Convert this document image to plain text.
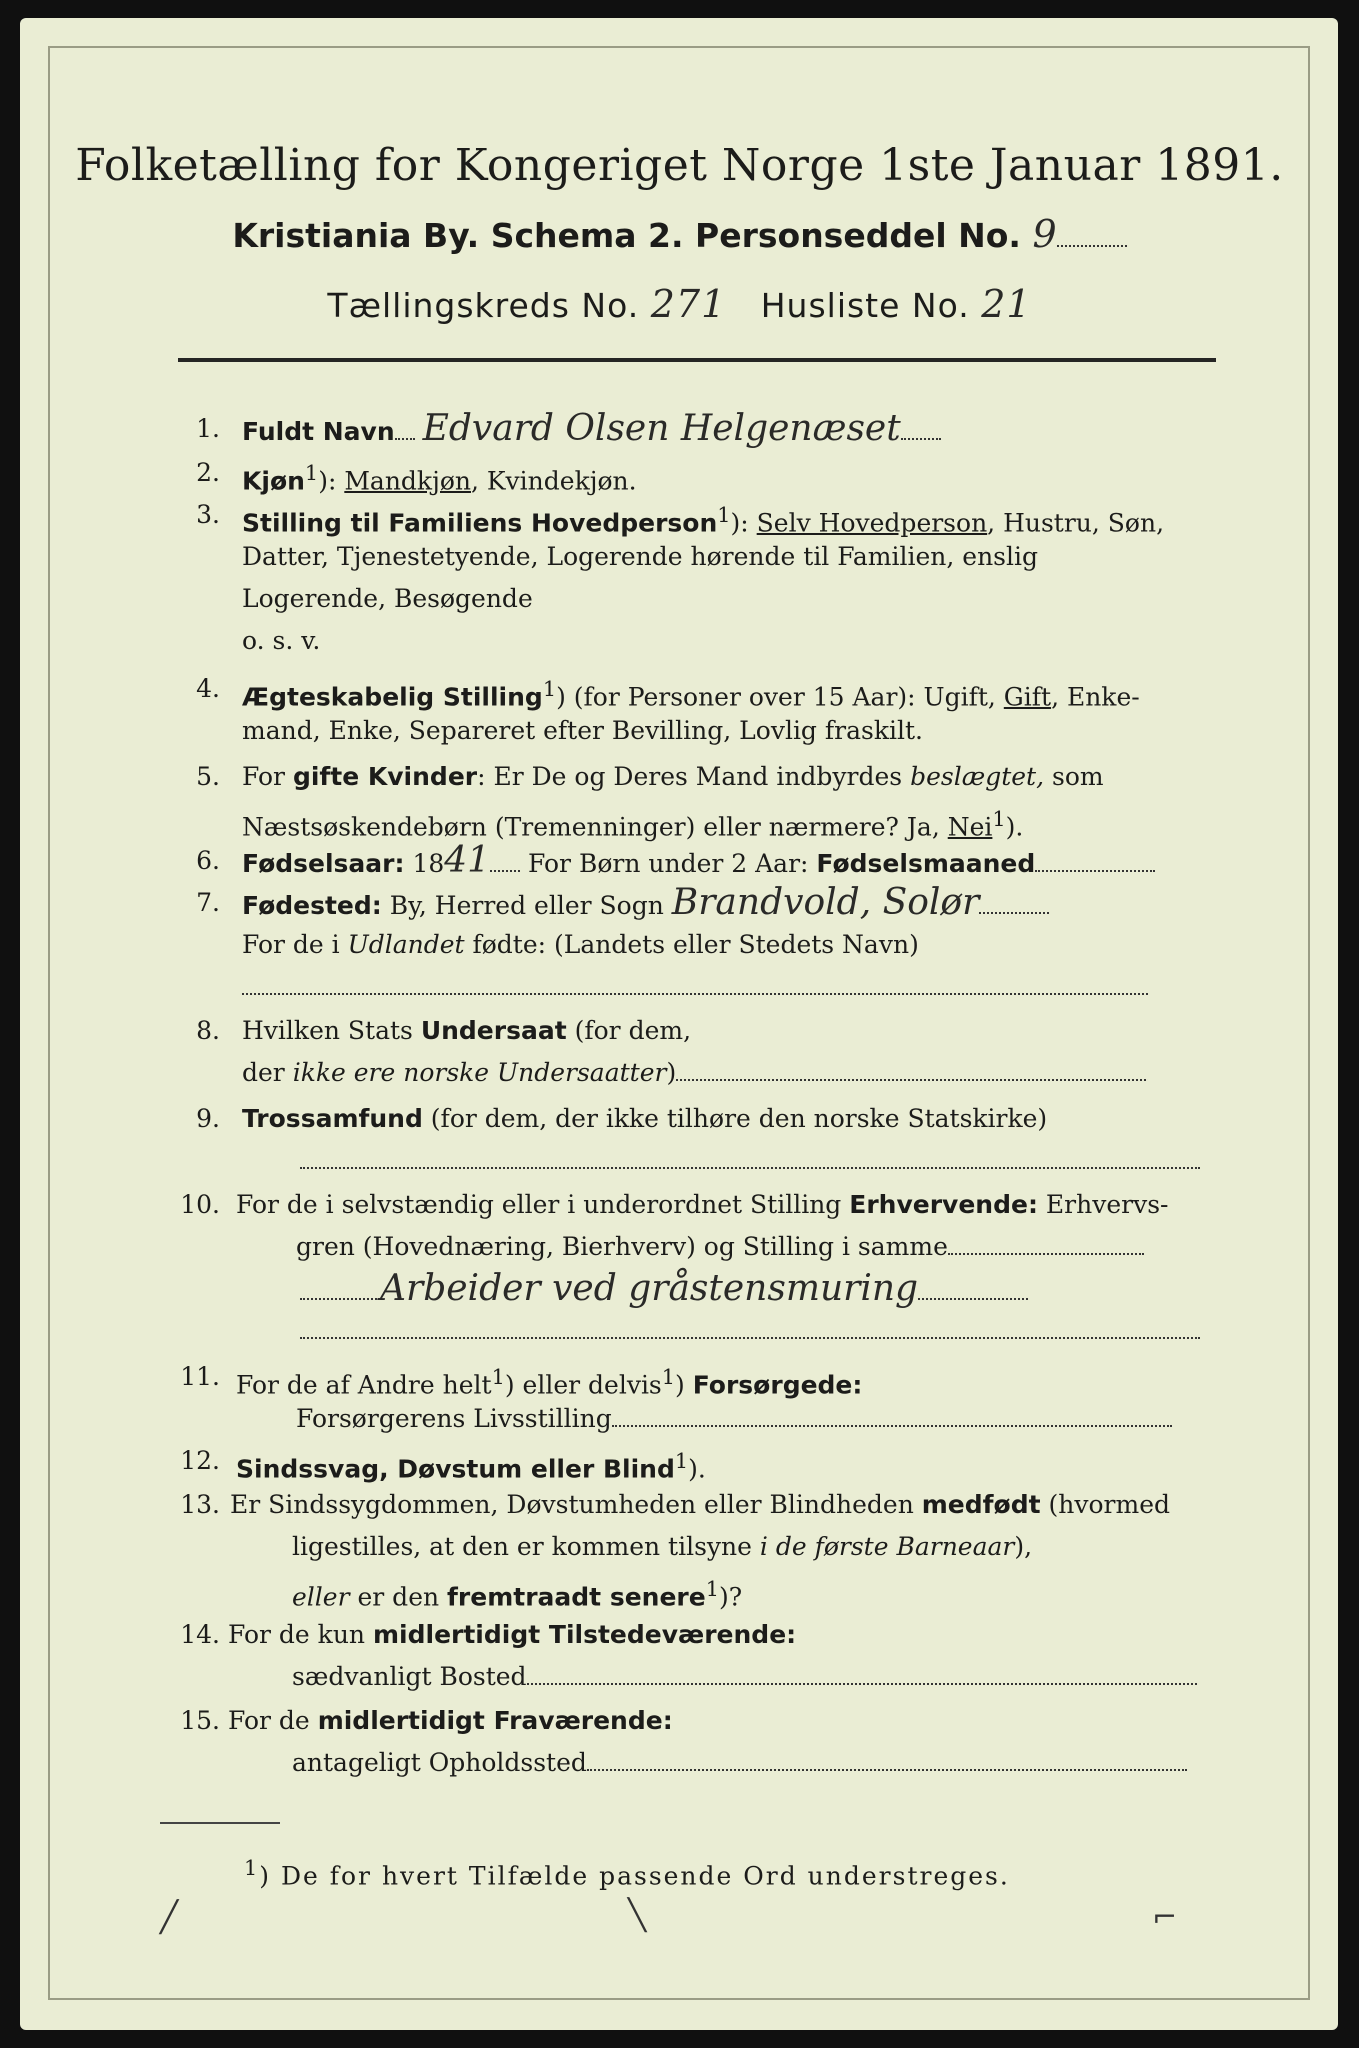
Folketælling for Kongeriget Norge 1ste Januar 1891.
Kristiania By. Schema 2. Personseddel No. 9
Tællingskreds No. 271 Husliste No. 21
1. Fuldt Navn Edvard Olsen Helgenæset
2. Kjøn$^1$): Mandkjøn, Kvindekjøn.
3. Stilling til Familiens Hovedperson$^1$): Selv Hovedperson, Hustru, Søn,
Datter, Tjenestetyende, Logerende hørende til Familien, enslig
Logerende, Besøgende
o. s. v.
4. Ægteskabelig Stilling$^1$) (for Personer over 15 Aar): Ugift, Gift, Enke-
mand, Enke, Separeret efter Bevilling, Lovlig fraskilt.
5. For gifte Kvinder: Er De og Deres Mand indbyrdes beslægtet, som
Næstsøskendebørn (Tremenninger) eller nærmere? Ja, Nei$^1$).
6. Fødselsaar: 1841 For Børn under 2 Aar: Fødselsmaaned
7. Fødested: By, Herred eller Sogn Brandvold, Solør
For de i Udlandet fødte: (Landets eller Stedets Navn)
8. Hvilken Stats Undersaat (for dem,
der ikke ere norske Undersaatter)
9. Trossamfund (for dem, der ikke tilhøre den norske Statskirke)
10. For de i selvstændig eller i underordnet Stilling Erhvervende: Erhvervs-
gren (Hovednæring, Bierhverv) og Stilling i samme
Arbeider ved gråstensmuring
11. For de af Andre helt$^1$) eller delvis$^1$) Forsørgede:
Forsørgerens Livsstilling
12. Sindssvag, Døvstum eller Blind$^1$).
13. Er Sindssygdommen, Døvstumheden eller Blindheden medfødt (hvormed
ligestilles, at den er kommen tilsyne i de første Barneaar),
eller er den fremtraadt senere$^1$)?
14. For de kun midlertidigt Tilstedeværende:
sædvanligt Bosted
15. For de midlertidigt Fraværende:
antageligt Opholdssted
$^1$) De for hvert Tilfælde passende Ord understreges.
╱	╲	⌐
